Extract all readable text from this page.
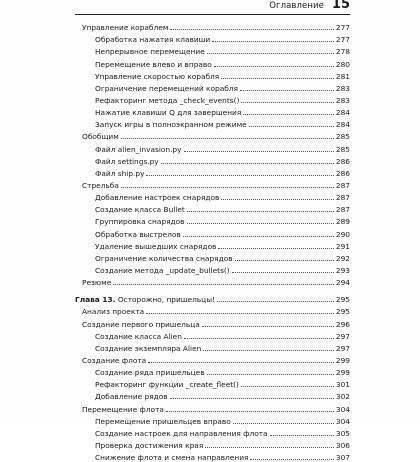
Оглавление 15
Управление кораблем	277
Обработка нажатия клавиши	277
Непрерывное перемещение	278
Перемещение влево и вправо	280
Управление скоростью корабля	281
Ограничение перемещений корабля	283
Рефакторинг метода _check_events()	283
Нажатие клавиши Q для завершения	284
Запуск игры в полноэкранном режиме	284
Обобщим	285
Файл alien_invasion.py	285
Файл settings.py	286
Файл ship.py	286
Стрельба	287
Добавление настроек снарядов	287
Создание класса Bullet	287
Группировка снарядов	289
Обработка выстрелов	290
Удаление вышедших снарядов	291
Ограничение количества снарядов	292
Создание метода _update_bullets()	293
Резюме	294
Глава 13. Осторожно, пришельцы!	295
Анализ проекта	295
Создание первого пришельца	296
Создание класса Alien	297
Создание экземпляра Alien	297
Создание флота	299
Создание ряда пришельцев	299
Рефакторинг функции _create_fleet()	301
Добавление рядов	302
Перемещение флота	304
Перемещение пришельцев вправо	304
Создание настроек для направления флота	305
Проверка достижения края	306
Снижение флота и смена направления	307
